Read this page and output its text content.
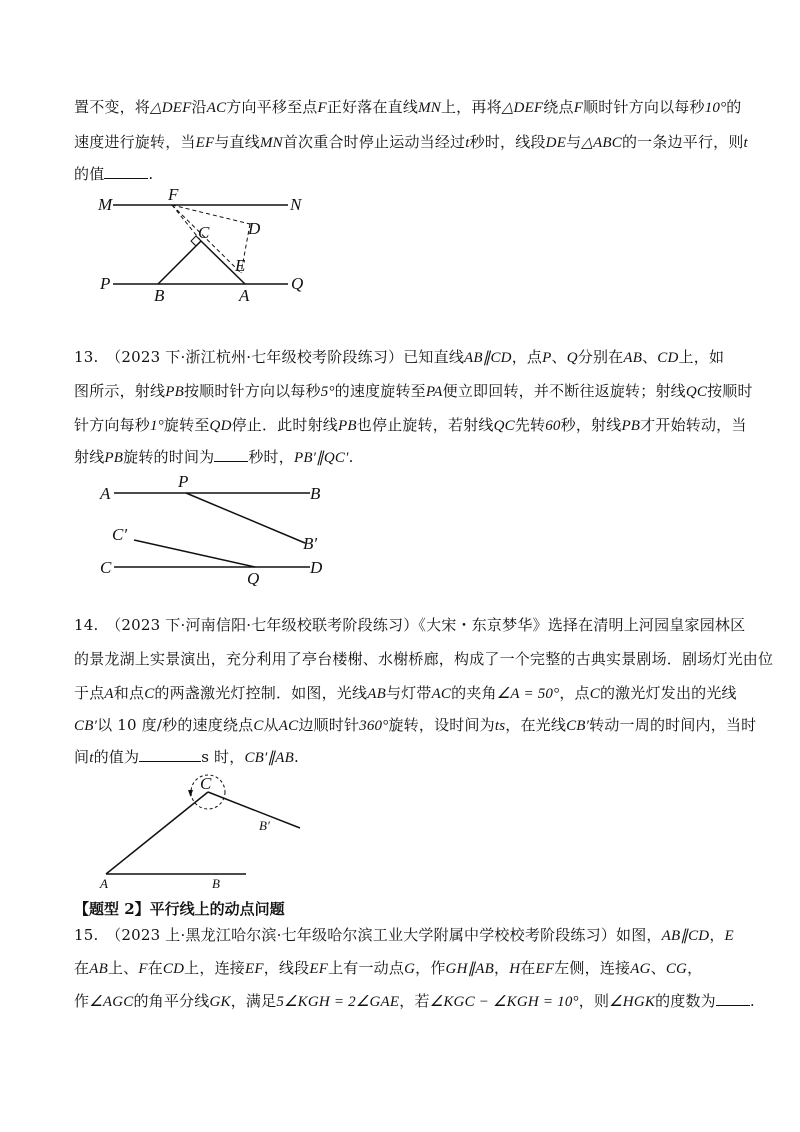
置不变，将△DEF沿AC方向平移至点F正好落在直线MN上，再将△DEF绕点F顺时针方向以每秒10°的
速度进行旋转，当EF与直线MN首次重合时停止运动当经过t秒时，线段DE与△ABC的一条边平行，则t
的值	.
M	N
F
D
C
E
P	Q
B	A
13.　（2023 下·浙江杭州·七年级校考阶段练习）已知直线AB∥CD，点P、Q分别在AB、CD上，如
图所示，射线PB按顺时针方向以每秒5°的速度旋转至PA便立即回转，并不断往返旋转；射线QC按顺时
针方向每秒1°旋转至QD停止．此时射线PB也停止旋转，若射线QC先转60秒，射线PB才开始转动，当
射线PB旋转的时间为 秒时，PB′∥QC′.
A
P
B
C′	B′
C
Q
D
14.　（2023 下·河南信阳·七年级校联考阶段练习）《大宋・东京梦华》选择在清明上河园皇家园林区
的景龙湖上实景演出，充分利用了亭台楼榭、水榭桥廊，构成了一个完整的古典实景剧场．剧场灯光由位
于点A和点C的两盏激光灯控制．如图，光线AB与灯带AC的夹角∠A = 50°，点C的激光灯发出的光线
CB′以 10 度/秒的速度绕点C从AC边顺时针360°旋转，设时间为ts，在光线CB′转动一周的时间内，当时
间t的值为	s 时，CB′∥AB.
C
B′
A	B
【题型 2】平行线上的动点问题
15.　（2023 上·黑龙江哈尔滨·七年级哈尔滨工业大学附属中学校校考阶段练习）如图，AB∥CD，E
在AB上、F在CD上，连接EF，线段EF上有一动点G，作GH∥AB，H在EF左侧，连接AG、CG，
作∠AGC的角平分线GK，满足5∠KGH = 2∠GAE，若∠KGC − ∠KGH = 10°，则∠HGK的度数为 .
